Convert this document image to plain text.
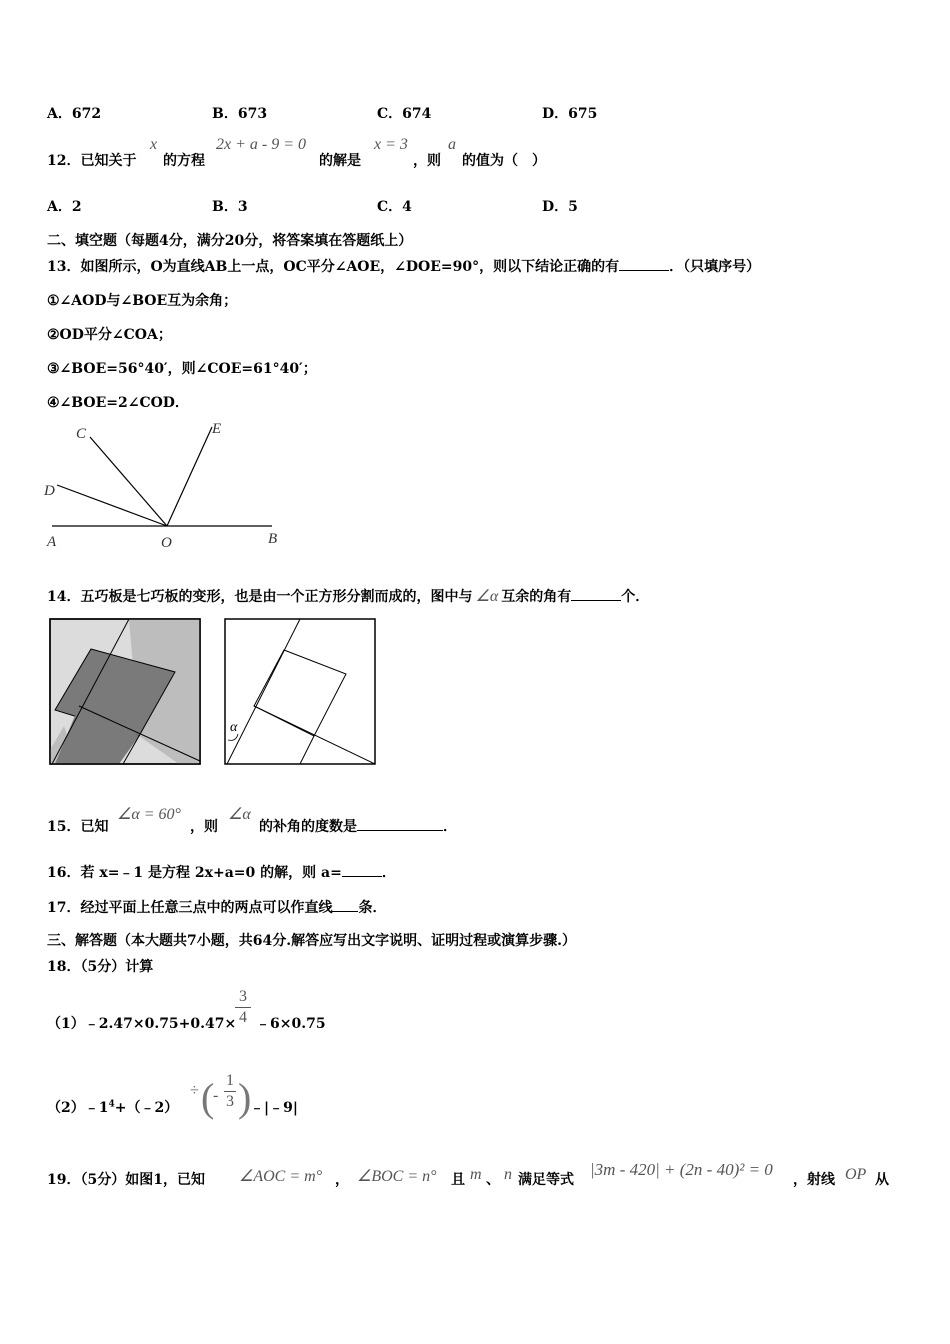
A．672	B．673	C．674	D．675
12．已知关于
x
的方程
2x + a - 9 = 0
的解是
x = 3
，则
a
的值为（　）
A．2	B．3	C．4	D．5
二、填空题（每题4分，满分20分，将答案填在答题纸上）
13．如图所示，O为直线AB上一点，OC平分∠AOE，∠DOE=90°，则以下结论正确的有	．（只填序号）
①∠AOD与∠BOE互为余角；
②OD平分∠COA；
③∠BOE=56°40′，则∠COE=61°40′；
④∠BOE=2∠COD．
C	E
D
A	O	B
14．五巧板是七巧板的变形，也是由一个正方形分割而成的，图中与 ∠α 互余的角有	个．
α
15．已知
∠α = 60°
，则
∠α
的补角的度数是	．
16．若 x=﹣1 是方程 2x+a=0 的解，则 a=	．
17．经过平面上任意三点中的两点可以作直线 条．
三、解答题（本大题共7小题，共64分.解答应写出文字说明、证明过程或演算步骤.）
18．（5分）计算
（1）﹣2.47×0.75+0.47×
3
4 ﹣6×0.75
$(2)﹣1^4+(﹣2)$
÷ (
-
1
3 )
﹣|﹣9|
19．（5分）如图1，已知 ∠AOC = m° ， ∠BOC = n° 且 m 、 n 满足等式
|3m - 420| + (2n - 40)² = 0
，射线 OP 从
